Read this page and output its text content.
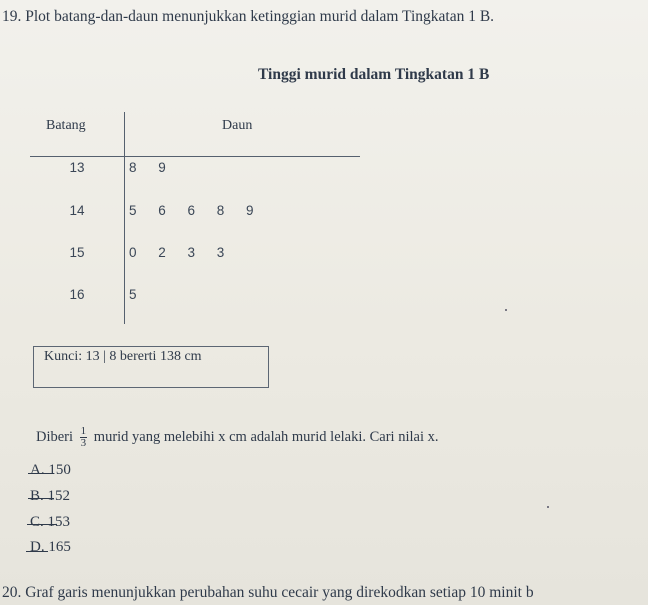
19. Plot batang-dan-daun menunjukkan ketinggian murid dalam Tingkatan 1 B.
Tinggi murid dalam Tingkatan 1 B
Batang	Daun
13	8 9
14	5 6 6 8 9
15	0 2 3 3
16	5
Kunci: 13 | 8 bererti 138 cm
Diberi $\frac{1}{3}$ murid yang melebihi x cm adalah murid lelaki. Cari nilai x.
A. 150
B. 152
C. 153
D. 165
20. Graf garis menunjukkan perubahan suhu cecair yang direkodkan setiap 10 minit b
